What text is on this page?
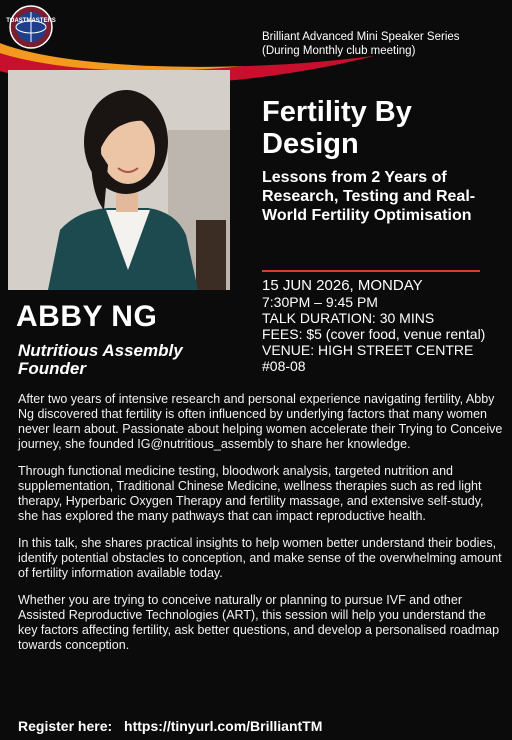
TOASTMASTERS
Brilliant Advanced Mini Speaker Series
(During Monthly club meeting)
Fertility By
Design
Lessons from 2 Years of Research, Testing and Real-World Fertility Optimisation
15 JUN 2026, MONDAY
7:30PM – 9:45 PM
TALK DURATION: 30 MINS
FEES: $5 (cover food, venue rental)
VENUE: HIGH STREET CENTRE
#08-08
ABBY NG
Nutritious Assembly Founder

After two years of intensive research and personal experience navigating fertility, Abby Ng discovered that fertility is often influenced by underlying factors that many women never learn about. Passionate about helping women accelerate their Trying to Conceive journey, she founded IG@nutritious_assembly to share her knowledge.

Through functional medicine testing, bloodwork analysis, targeted nutrition and supplementation, Traditional Chinese Medicine, wellness therapies such as red light therapy, Hyperbaric Oxygen Therapy and fertility massage, and extensive self-study, she has explored the many pathways that can impact reproductive health.

In this talk, she shares practical insights to help women better understand their bodies, identify potential obstacles to conception, and make sense of the overwhelming amount of fertility information available today.

Whether you are trying to conceive naturally or planning to pursue IVF and other Assisted Reproductive Technologies (ART), this session will help you understand the key factors affecting fertility, ask better questions, and develop a personalised roadmap towards conception.

Register here: https://tinyurl.com/BrilliantTM
